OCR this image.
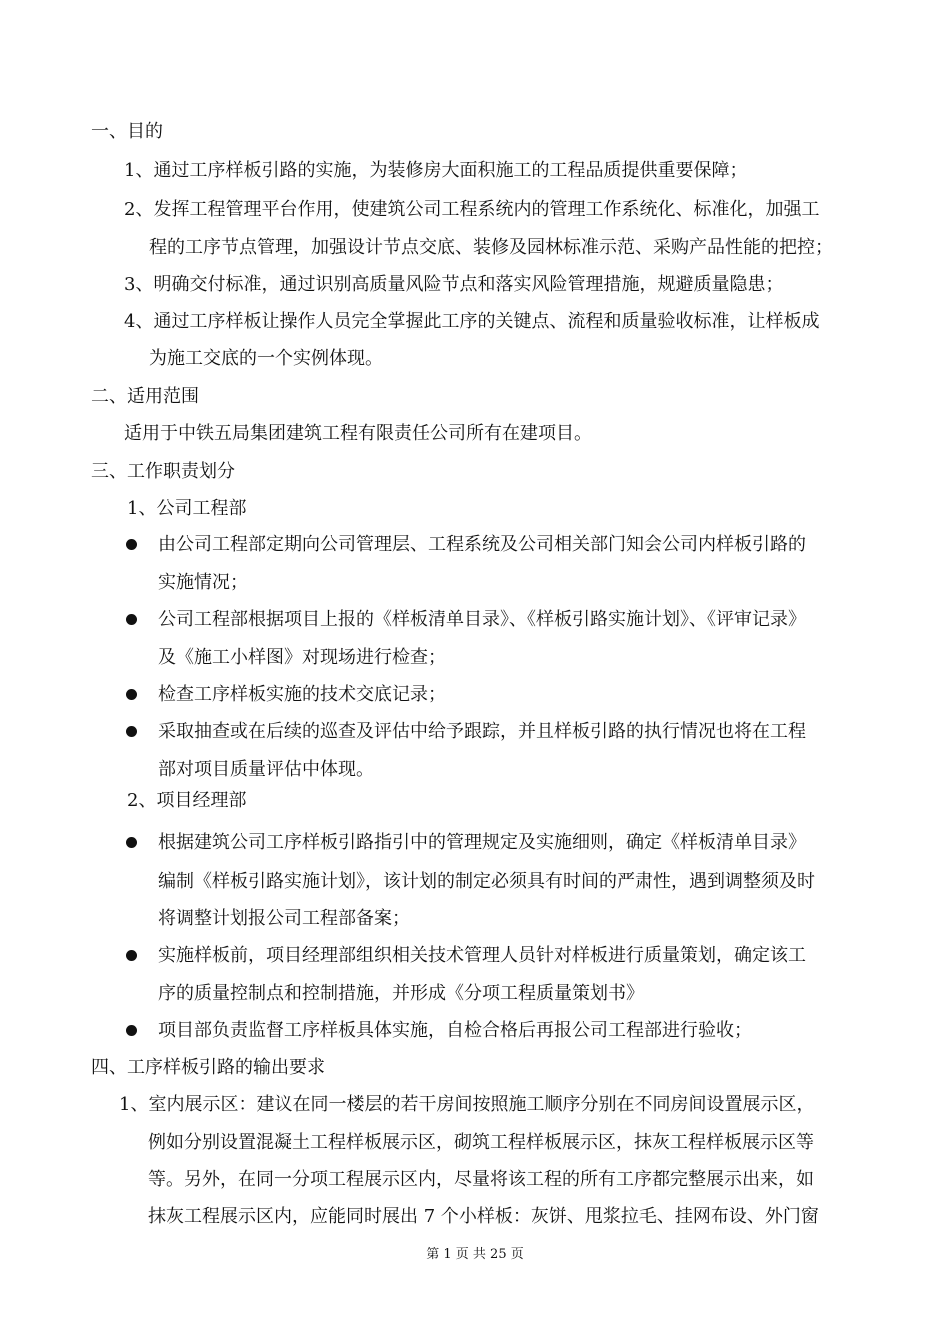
一、目的
1、通过工序样板引路的实施，为装修房大面积施工的工程品质提供重要保障；
2、发挥工程管理平台作用，使建筑公司工程系统内的管理工作系统化、标准化，加强工
程的工序节点管理，加强设计节点交底、装修及园林标准示范、采购产品性能的把控；
3、明确交付标准，通过识别高质量风险节点和落实风险管理措施，规避质量隐患；
4、通过工序样板让操作人员完全掌握此工序的关键点、流程和质量验收标准，让样板成
为施工交底的一个实例体现。
二、适用范围
适用于中铁五局集团建筑工程有限责任公司所有在建项目。
三、工作职责划分
1、公司工程部
由公司工程部定期向公司管理层、工程系统及公司相关部门知会公司内样板引路的
实施情况；
公司工程部根据项目上报的《样板清单目录》、《样板引路实施计划》、《评审记录》
及《施工小样图》对现场进行检查；
检查工序样板实施的技术交底记录；
采取抽查或在后续的巡查及评估中给予跟踪，并且样板引路的执行情况也将在工程
部对项目质量评估中体现。
2、项目经理部
根据建筑公司工序样板引路指引中的管理规定及实施细则，确定《样板清单目录》
编制《样板引路实施计划》，该计划的制定必须具有时间的严肃性，遇到调整须及时
将调整计划报公司工程部备案；
实施样板前，项目经理部组织相关技术管理人员针对样板进行质量策划，确定该工
序的质量控制点和控制措施，并形成《分项工程质量策划书》
项目部负责监督工序样板具体实施，自检合格后再报公司工程部进行验收；
四、工序样板引路的输出要求
1、室内展示区：建议在同一楼层的若干房间按照施工顺序分别在不同房间设置展示区，
例如分别设置混凝土工程样板展示区，砌筑工程样板展示区，抹灰工程样板展示区等
等。另外，在同一分项工程展示区内，尽量将该工程的所有工序都完整展示出来，如
抹灰工程展示区内，应能同时展出 7 个小样板：灰饼、甩浆拉毛、挂网布设、外门窗
第 1 页 共 25 页
